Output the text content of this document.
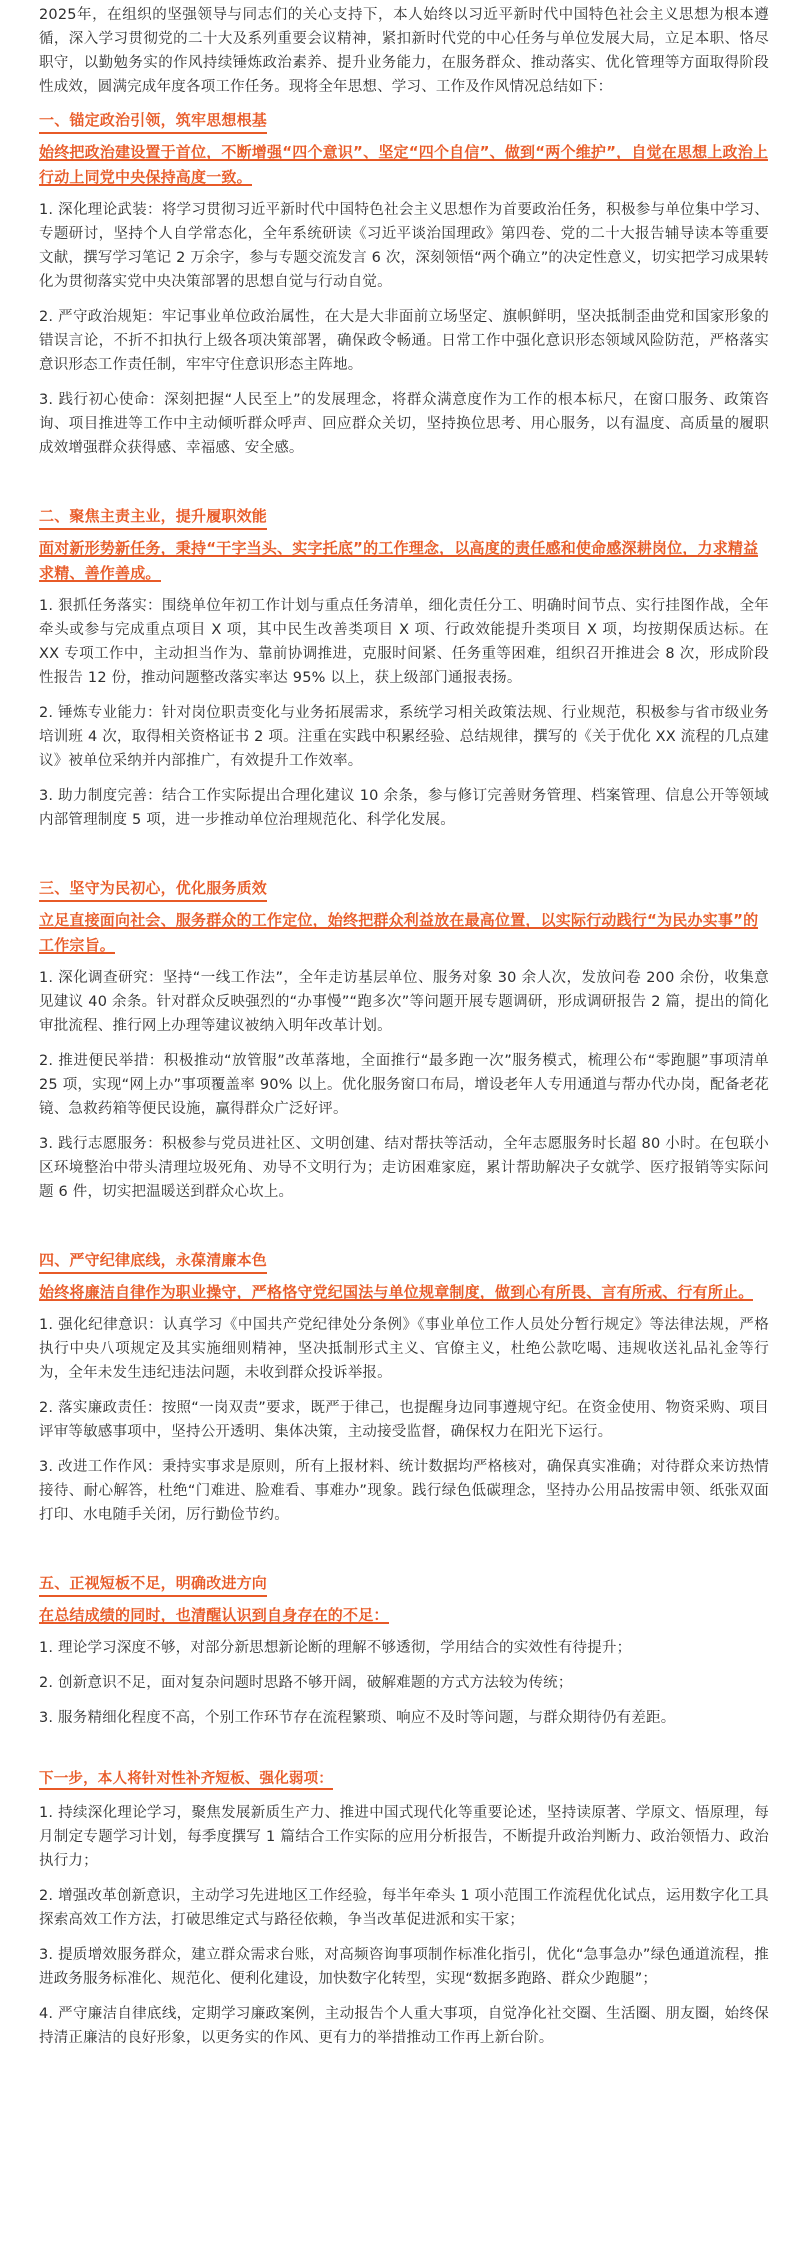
2025年，在组织的坚强领导与同志们的关心支持下，本人始终以习近平新时代中国特色社会主义思想为根本遵循，深入学习贯彻党的二十大及系列重要会议精神，紧扣新时代党的中心任务与单位发展大局，立足本职、恪尽职守，以勤勉务实的作风持续锤炼政治素养、提升业务能力，在服务群众、推动落实、优化管理等方面取得阶段性成效，圆满完成年度各项工作任务。现将全年思想、学习、工作及作风情况总结如下：

一、锚定政治引领，筑牢思想根基

始终把政治建设置于首位，不断增强“四个意识”、坚定“四个自信”、做到“两个维护”，自觉在思想上政治上行动上同党中央保持高度一致。

1. 深化理论武装：将学习贯彻习近平新时代中国特色社会主义思想作为首要政治任务，积极参与单位集中学习、专题研讨，坚持个人自学常态化，全年系统研读《习近平谈治国理政》第四卷、党的二十大报告辅导读本等重要文献，撰写学习笔记 2 万余字，参与专题交流发言 6 次，深刻领悟“两个确立”的决定性意义，切实把学习成果转化为贯彻落实党中央决策部署的思想自觉与行动自觉。

2. 严守政治规矩：牢记事业单位政治属性，在大是大非面前立场坚定、旗帜鲜明，坚决抵制歪曲党和国家形象的错误言论，不折不扣执行上级各项决策部署，确保政令畅通。日常工作中强化意识形态领域风险防范，严格落实意识形态工作责任制，牢牢守住意识形态主阵地。

3. 践行初心使命：深刻把握“人民至上”的发展理念，将群众满意度作为工作的根本标尺，在窗口服务、政策咨询、项目推进等工作中主动倾听群众呼声、回应群众关切，坚持换位思考、用心服务，以有温度、高质量的履职成效增强群众获得感、幸福感、安全感。

二、聚焦主责主业，提升履职效能

面对新形势新任务，秉持“干字当头、实字托底”的工作理念，以高度的责任感和使命感深耕岗位，力求精益求精、善作善成。

1. 狠抓任务落实：围绕单位年初工作计划与重点任务清单，细化责任分工、明确时间节点、实行挂图作战，全年牵头或参与完成重点项目 X 项，其中民生改善类项目 X 项、行政效能提升类项目 X 项，均按期保质达标。在 XX 专项工作中，主动担当作为、靠前协调推进，克服时间紧、任务重等困难，组织召开推进会 8 次，形成阶段性报告 12 份，推动问题整改落实率达 95% 以上，获上级部门通报表扬。

2. 锤炼专业能力：针对岗位职责变化与业务拓展需求，系统学习相关政策法规、行业规范，积极参与省市级业务培训班 4 次，取得相关资格证书 2 项。注重在实践中积累经验、总结规律，撰写的《关于优化 XX 流程的几点建议》被单位采纳并内部推广，有效提升工作效率。

3. 助力制度完善：结合工作实际提出合理化建议 10 余条，参与修订完善财务管理、档案管理、信息公开等领域内部管理制度 5 项，进一步推动单位治理规范化、科学化发展。

三、坚守为民初心，优化服务质效

立足直接面向社会、服务群众的工作定位，始终把群众利益放在最高位置，以实际行动践行“为民办实事”的工作宗旨。

1. 深化调查研究：坚持“一线工作法”，全年走访基层单位、服务对象 30 余人次，发放问卷 200 余份，收集意见建议 40 余条。针对群众反映强烈的“办事慢”“跑多次”等问题开展专题调研，形成调研报告 2 篇，提出的简化审批流程、推行网上办理等建议被纳入明年改革计划。

2. 推进便民举措：积极推动“放管服”改革落地，全面推行“最多跑一次”服务模式，梳理公布“零跑腿”事项清单 25 项，实现“网上办”事项覆盖率 90% 以上。优化服务窗口布局，增设老年人专用通道与帮办代办岗，配备老花镜、急救药箱等便民设施，赢得群众广泛好评。

3. 践行志愿服务：积极参与党员进社区、文明创建、结对帮扶等活动，全年志愿服务时长超 80 小时。在包联小区环境整治中带头清理垃圾死角、劝导不文明行为；走访困难家庭，累计帮助解决子女就学、医疗报销等实际问题 6 件，切实把温暖送到群众心坎上。

四、严守纪律底线，永葆清廉本色

始终将廉洁自律作为职业操守，严格恪守党纪国法与单位规章制度，做到心有所畏、言有所戒、行有所止。

1. 强化纪律意识：认真学习《中国共产党纪律处分条例》《事业单位工作人员处分暂行规定》等法律法规，严格执行中央八项规定及其实施细则精神，坚决抵制形式主义、官僚主义，杜绝公款吃喝、违规收送礼品礼金等行为，全年未发生违纪违法问题，未收到群众投诉举报。

2. 落实廉政责任：按照“一岗双责”要求，既严于律己，也提醒身边同事遵规守纪。在资金使用、物资采购、项目评审等敏感事项中，坚持公开透明、集体决策，主动接受监督，确保权力在阳光下运行。

3. 改进工作作风：秉持实事求是原则，所有上报材料、统计数据均严格核对，确保真实准确；对待群众来访热情接待、耐心解答，杜绝“门难进、脸难看、事难办”现象。践行绿色低碳理念，坚持办公用品按需申领、纸张双面打印、水电随手关闭，厉行勤俭节约。

五、正视短板不足，明确改进方向

在总结成绩的同时，也清醒认识到自身存在的不足：

1. 理论学习深度不够，对部分新思想新论断的理解不够透彻，学用结合的实效性有待提升；

2. 创新意识不足，面对复杂问题时思路不够开阔，破解难题的方式方法较为传统；

3. 服务精细化程度不高，个别工作环节存在流程繁琐、响应不及时等问题，与群众期待仍有差距。

下一步，本人将针对性补齐短板、强化弱项：

1. 持续深化理论学习，聚焦发展新质生产力、推进中国式现代化等重要论述，坚持读原著、学原文、悟原理，每月制定专题学习计划，每季度撰写 1 篇结合工作实际的应用分析报告，不断提升政治判断力、政治领悟力、政治执行力；

2. 增强改革创新意识，主动学习先进地区工作经验，每半年牵头 1 项小范围工作流程优化试点，运用数字化工具探索高效工作方法，打破思维定式与路径依赖，争当改革促进派和实干家；

3. 提质增效服务群众，建立群众需求台账，对高频咨询事项制作标准化指引，优化“急事急办”绿色通道流程，推进政务服务标准化、规范化、便利化建设，加快数字化转型，实现“数据多跑路、群众少跑腿”；

4. 严守廉洁自律底线，定期学习廉政案例，主动报告个人重大事项，自觉净化社交圈、生活圈、朋友圈，始终保持清正廉洁的良好形象，以更务实的作风、更有力的举措推动工作再上新台阶。
